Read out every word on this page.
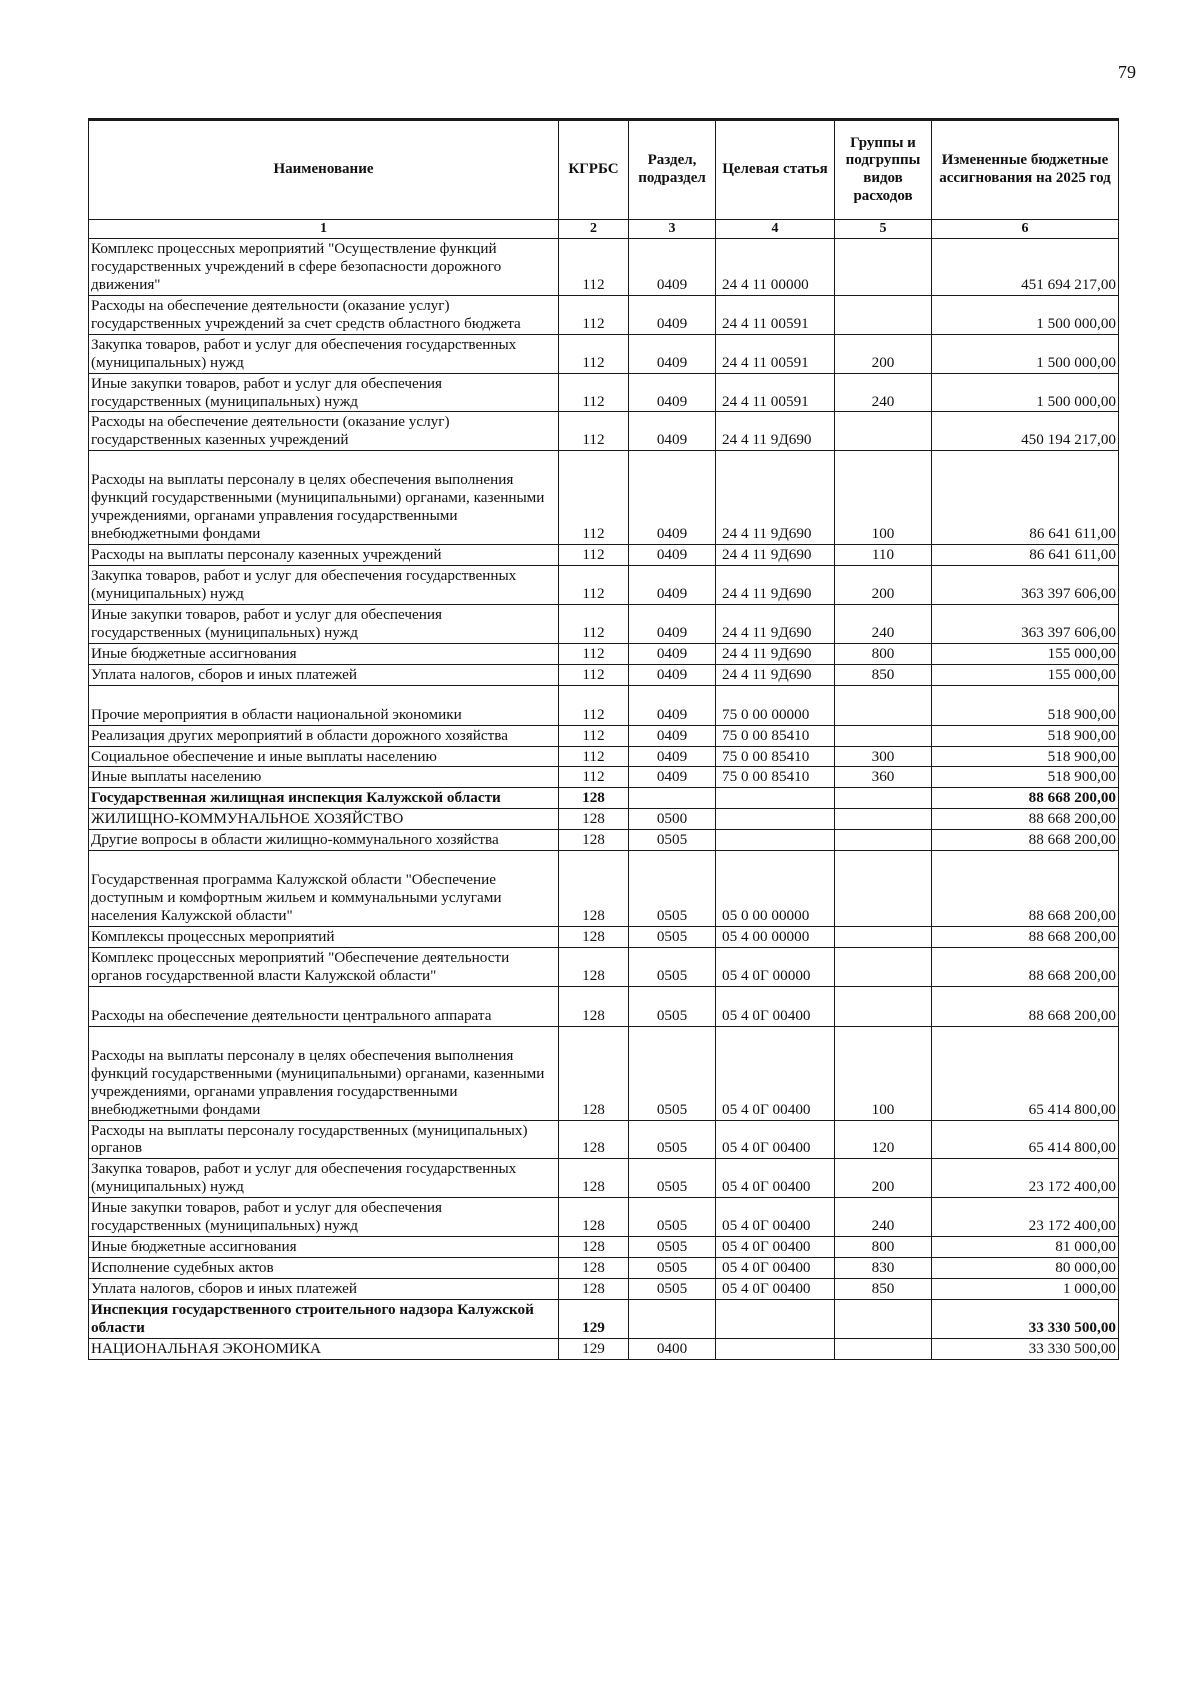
79
Наименование	КГРБС	Раздел, подраздел	Целевая статья	Группы и подгруппы видов расходов	Измененные бюджетные ассигнования на 2025 год
1	2	3	4	5	6
Комплекс процессных мероприятий "Осуществление функций государственных учреждений в сфере безопасности дорожного движения"	112	0409	24 4 11 00000		451 694 217,00
Расходы на обеспечение деятельности (оказание услуг) государственных учреждений за счет средств областного бюджета	112	0409	24 4 11 00591		1 500 000,00
Закупка товаров, работ и услуг для обеспечения государственных (муниципальных) нужд	112	0409	24 4 11 00591	200	1 500 000,00
Иные закупки товаров, работ и услуг для обеспечения государственных (муниципальных) нужд	112	0409	24 4 11 00591	240	1 500 000,00
Расходы на обеспечение деятельности (оказание услуг) государственных казенных учреждений	112	0409	24 4 11 9Д690		450 194 217,00
Расходы на выплаты персоналу в целях обеспечения выполнения функций государственными (муниципальными) органами, казенными учреждениями, органами управления государственными внебюджетными фондами	112	0409	24 4 11 9Д690	100	86 641 611,00
Расходы на выплаты персоналу казенных учреждений	112	0409	24 4 11 9Д690	110	86 641 611,00
Закупка товаров, работ и услуг для обеспечения государственных (муниципальных) нужд	112	0409	24 4 11 9Д690	200	363 397 606,00
Иные закупки товаров, работ и услуг для обеспечения государственных (муниципальных) нужд	112	0409	24 4 11 9Д690	240	363 397 606,00
Иные бюджетные ассигнования	112	0409	24 4 11 9Д690	800	155 000,00
Уплата налогов, сборов и иных платежей	112	0409	24 4 11 9Д690	850	155 000,00
Прочие мероприятия в области национальной экономики	112	0409	75 0 00 00000		518 900,00
Реализация других мероприятий в области дорожного хозяйства	112	0409	75 0 00 85410		518 900,00
Социальное обеспечение и иные выплаты населению	112	0409	75 0 00 85410	300	518 900,00
Иные выплаты населению	112	0409	75 0 00 85410	360	518 900,00
Государственная жилищная инспекция Калужской области	128				88 668 200,00
ЖИЛИЩНО-КОММУНАЛЬНОЕ ХОЗЯЙСТВО	128	0500			88 668 200,00
Другие вопросы в области жилищно-коммунального хозяйства	128	0505			88 668 200,00
Государственная программа Калужской области "Обеспечение доступным и комфортным жильем и коммунальными услугами населения Калужской области"	128	0505	05 0 00 00000		88 668 200,00
Комплексы процессных мероприятий	128	0505	05 4 00 00000		88 668 200,00
Комплекс процессных мероприятий "Обеспечение деятельности органов государственной власти Калужской области"	128	0505	05 4 0Г 00000		88 668 200,00
Расходы на обеспечение деятельности центрального аппарата	128	0505	05 4 0Г 00400		88 668 200,00
Расходы на выплаты персоналу в целях обеспечения выполнения функций государственными (муниципальными) органами, казенными учреждениями, органами управления государственными внебюджетными фондами	128	0505	05 4 0Г 00400	100	65 414 800,00
Расходы на выплаты персоналу государственных (муниципальных) органов	128	0505	05 4 0Г 00400	120	65 414 800,00
Закупка товаров, работ и услуг для обеспечения государственных (муниципальных) нужд	128	0505	05 4 0Г 00400	200	23 172 400,00
Иные закупки товаров, работ и услуг для обеспечения государственных (муниципальных) нужд	128	0505	05 4 0Г 00400	240	23 172 400,00
Иные бюджетные ассигнования	128	0505	05 4 0Г 00400	800	81 000,00
Исполнение судебных актов	128	0505	05 4 0Г 00400	830	80 000,00
Уплата налогов, сборов и иных платежей	128	0505	05 4 0Г 00400	850	1 000,00
Инспекция государственного строительного надзора Калужской области	129				33 330 500,00
НАЦИОНАЛЬНАЯ ЭКОНОМИКА	129	0400			33 330 500,00
